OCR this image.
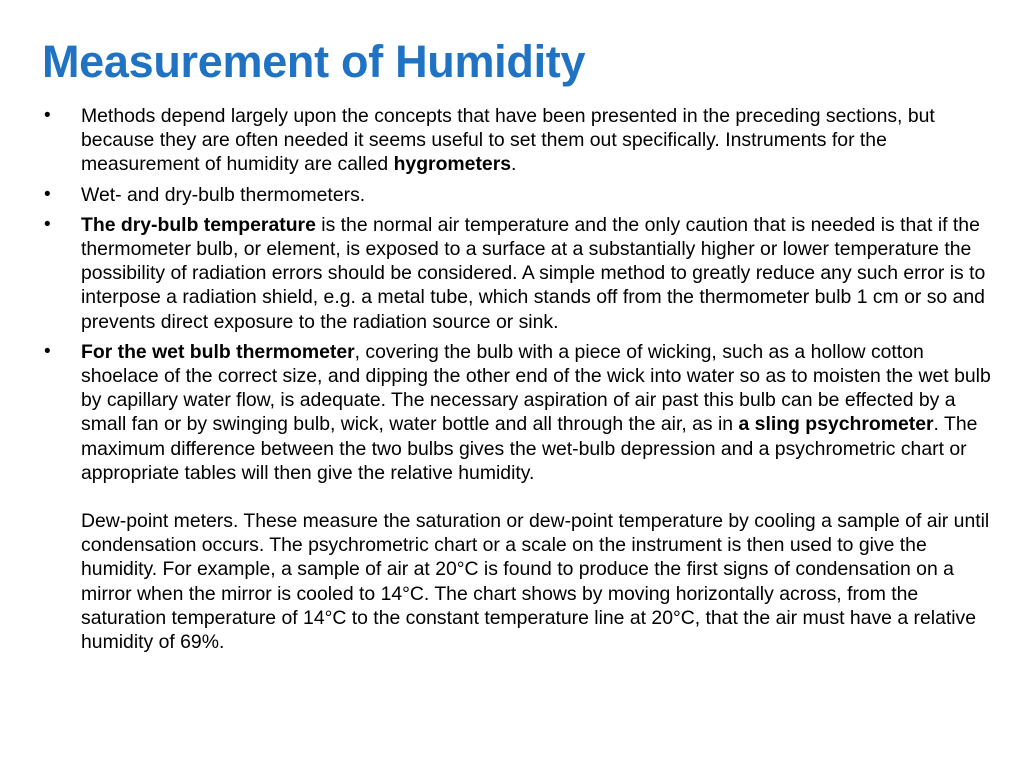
Measurement of Humidity
•	Methods depend largely upon the concepts that have been presented in the preceding sections, but because they are often needed it seems useful to set them out specifically. Instruments for the measurement of humidity are called hygrometers.
•	Wet- and dry-bulb thermometers.
•	The dry-bulb temperature is the normal air temperature and the only caution that is needed is that if the thermometer bulb, or element, is exposed to a surface at a substantially higher or lower temperature the possibility of radiation errors should be considered. A simple method to greatly reduce any such error is to interpose a radiation shield, e.g. a metal tube, which stands off from the thermometer bulb 1 cm or so and prevents direct exposure to the radiation source or sink.
•	For the wet bulb thermometer, covering the bulb with a piece of wicking, such as a hollow cotton shoelace of the correct size, and dipping the other end of the wick into water so as to moisten the wet bulb by capillary water flow, is adequate. The necessary aspiration of air past this bulb can be effected by a small fan or by swinging bulb, wick, water bottle and all through the air, as in a sling psychrometer. The maximum difference between the two bulbs gives the wet-bulb depression and a psychrometric chart or appropriate tables will then give the relative humidity.
Dew-point meters. These measure the saturation or dew-point temperature by cooling a sample of air until condensation occurs. The psychrometric chart or a scale on the instrument is then used to give the humidity. For example, a sample of air at 20°C is found to produce the first signs of condensation on a mirror when the mirror is cooled to 14°C. The chart shows by moving horizontally across, from the saturation temperature of 14°C to the constant temperature line at 20°C, that the air must have a relative humidity of 69%.
